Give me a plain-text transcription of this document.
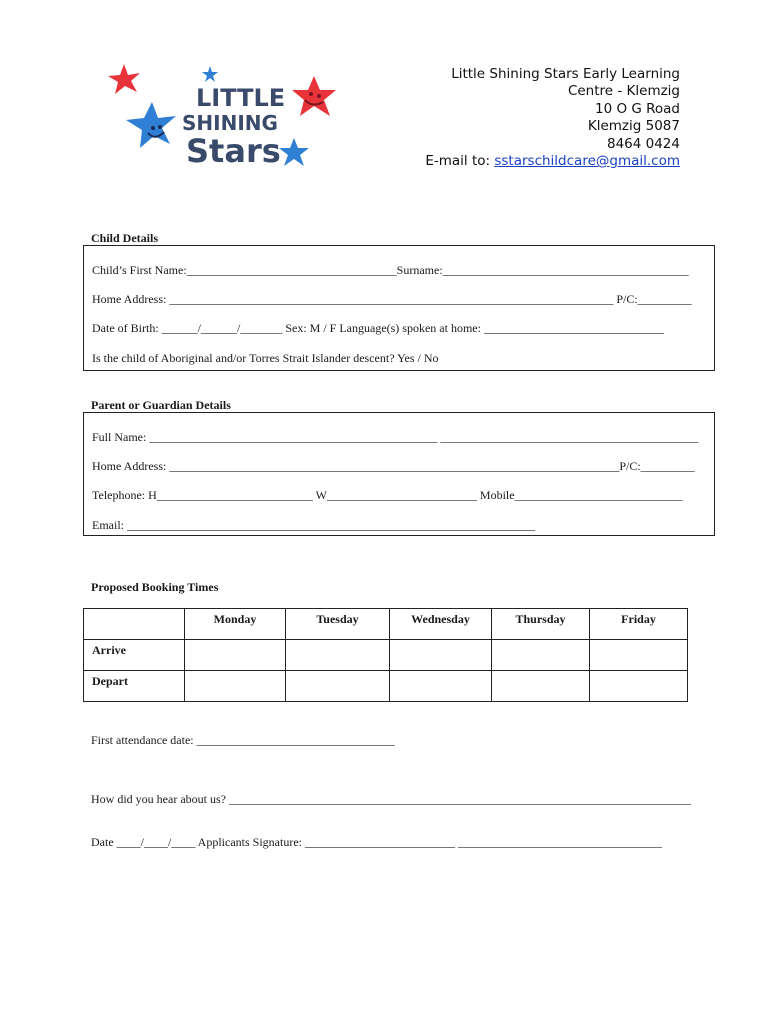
LITTLE
SHINING
Stars
Little Shining Stars Early Learning
Centre - Klemzig
10 O G Road
Klemzig 5087
8464 0424
E-mail to: sstarschildcare@gmail.com
Child Details
Child’s First Name:___________________________________Surname:_________________________________________
Home Address: __________________________________________________________________________ P/C:_________
Date of Birth: ______/______/_______ Sex: M / F Language(s) spoken at home: ______________________________
Is the child of Aboriginal and/or Torres Strait Islander descent? Yes / No
Parent or Guardian Details
Full Name: ________________________________________________ ___________________________________________
Home Address: ___________________________________________________________________________P/C:_________
Telephone: H__________________________ W_________________________ Mobile____________________________
Email: ____________________________________________________________________
Proposed Booking Times

	Monday	Tuesday	Wednesday	Thursday	Friday

Arrive					

Depart					

First attendance date: _________________________________
How did you hear about us? _____________________________________________________________________________
Date ____/____/____ Applicants Signature: _________________________ __________________________________
